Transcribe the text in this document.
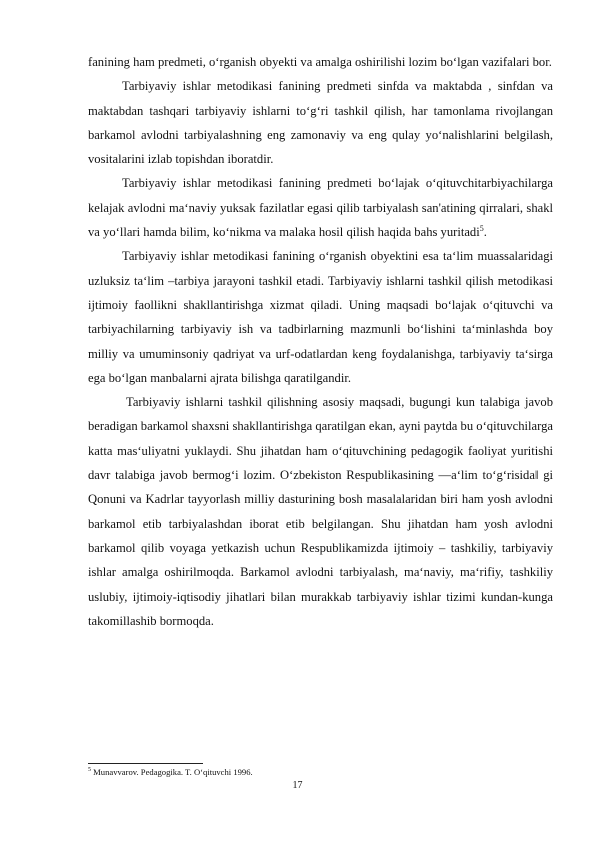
fanining ham predmeti, o‘rganish obyekti va amalga oshirilishi lozim bo‘lgan vazifalari bor.

Tarbiyaviy ishlar metodikasi fanining predmeti sinfda va maktabda , sinfdan va maktabdan tashqari tarbiyaviy ishlarni to‘g‘ri tashkil qilish, har tamonlama rivojlangan barkamol avlodni tarbiyalashning eng zamonaviy va eng qulay yo‘nalishlarini belgilash, vositalarini izlab topishdan iboratdir.

Tarbiyaviy ishlar metodikasi fanining predmeti bo‘lajak o‘qituvchitarbiyachilarga kelajak avlodni ma‘naviy yuksak fazilatlar egasi qilib tarbiyalash san'atining qirralari, shakl va yo‘llari hamda bilim, ko‘nikma va malaka hosil qilish haqida bahs yuritadi$^5$.

Tarbiyaviy ishlar metodikasi fanining o‘rganish obyektini esa ta‘lim muassalaridagi uzluksiz ta‘lim –tarbiya jarayoni tashkil etadi. Tarbiyaviy ishlarni tashkil qilish metodikasi ijtimoiy faollikni shakllantirishga xizmat qiladi. Uning maqsadi bo‘lajak o‘qituvchi va tarbiyachilarning tarbiyaviy ish va tadbirlarning mazmunli bo‘lishini ta‘minlashda boy milliy va umuminsoniy qadriyat va urf-odatlardan keng foydalanishga, tarbiyaviy ta‘sirga ega bo‘lgan manbalarni ajrata bilishga qaratilgandir.

Tarbiyaviy ishlarni tashkil qilishning asosiy maqsadi, bugungi kun talabiga javob beradigan barkamol shaxsni shakllantirishga qaratilgan ekan, ayni paytda bu o‘qituvchilarga katta mas‘uliyatni yuklaydi. Shu jihatdan ham o‘qituvchining pedagogik faoliyat yuritishi davr talabiga javob bermog‘i lozim. O‘zbekiston Respublikasining ―a‘lim to‘g‘risida‖ gi Qonuni va Kadrlar tayyorlash milliy dasturining bosh masalalaridan biri ham yosh avlodni barkamol etib tarbiyalashdan iborat etib belgilangan. Shu jihatdan ham yosh avlodni barkamol qilib voyaga yetkazish uchun Respublikamizda ijtimoiy – tashkiliy, tarbiyaviy ishlar amalga oshirilmoqda. Barkamol avlodni tarbiyalash, ma‘naviy, ma‘rifiy, tashkiliy uslubiy, ijtimoiy-iqtisodiy jihatlari bilan murakkab tarbiyaviy ishlar tizimi kundan-kunga takomillashib bormoqda.

$^5$ Munavvarov. Pedagogika. T. O‘qituvchi 1996.
17
